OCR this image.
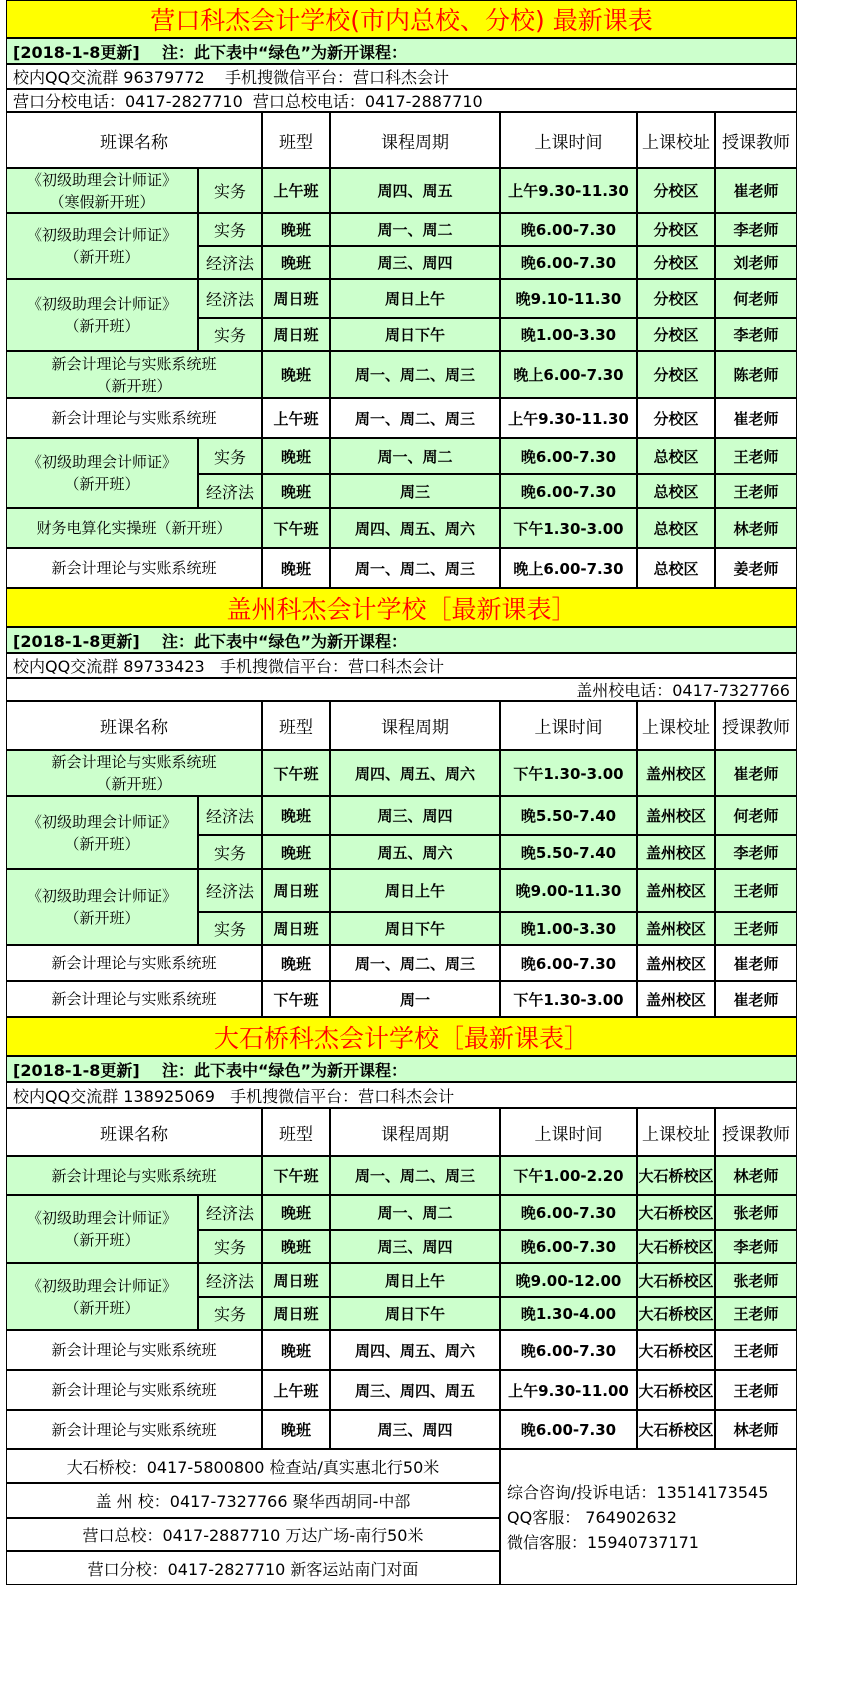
营口科杰会计学校(市内总校、分校) 最新课表
[2018-1-8更新]    注：此下表中“绿色”为新开课程：
校内QQ交流群 96379772    手机搜微信平台：营口科杰会计
营口分校电话：0417-2827710  营口总校电话：0417-2887710
班课名称	班型	课程周期	上课时间	上课校址 授课教师
《初级助理会计师证》
（寒假新开班）
实务	上午班	周四、周五	上午9.30-11.30	分校区	崔老师
《初级助理会计师证》
（新开班）
实务	晚班	周一、周二	晚6.00-7.30	分校区	李老师
经济法	晚班	周三、周四	晚6.00-7.30	分校区	刘老师
《初级助理会计师证》
（新开班）
经济法	周日班	周日上午	晚9.10-11.30	分校区	何老师
实务	周日班	周日下午	晚1.00-3.30	分校区	李老师
新会计理论与实账系统班
（新开班）
晚班	周一、周二、周三	晚上6.00-7.30	分校区	陈老师
新会计理论与实账系统班	上午班	周一、周二、周三	上午9.30-11.30	分校区	崔老师
《初级助理会计师证》
（新开班）
实务	晚班	周一、周二	晚6.00-7.30	总校区	王老师
经济法	晚班	周三	晚6.00-7.30	总校区	王老师
财务电算化实操班（新开班）	下午班	周四、周五、周六	下午1.30-3.00	总校区	林老师
新会计理论与实账系统班	晚班	周一、周二、周三	晚上6.00-7.30	总校区	姜老师
盖州科杰会计学校［最新课表］
[2018-1-8更新]    注：此下表中“绿色”为新开课程：
校内QQ交流群 89733423   手机搜微信平台：营口科杰会计
盖州校电话：0417-7327766
班课名称	班型	课程周期	上课时间	上课校址 授课教师
新会计理论与实账系统班
（新开班）
下午班	周四、周五、周六	下午1.30-3.00	盖州校区	崔老师
《初级助理会计师证》
（新开班）
经济法	晚班	周三、周四	晚5.50-7.40	盖州校区	何老师
实务	晚班	周五、周六	晚5.50-7.40	盖州校区	李老师
《初级助理会计师证》
（新开班）
经济法	周日班	周日上午	晚9.00-11.30	盖州校区	王老师
实务	周日班	周日下午	晚1.00-3.30	盖州校区	王老师
新会计理论与实账系统班	晚班	周一、周二、周三	晚6.00-7.30	盖州校区	崔老师
新会计理论与实账系统班	下午班	周一	下午1.30-3.00	盖州校区	崔老师
大石桥科杰会计学校［最新课表］
[2018-1-8更新]    注：此下表中“绿色”为新开课程：
校内QQ交流群 138925069   手机搜微信平台：营口科杰会计
班课名称	班型	课程周期	上课时间	上课校址 授课教师
新会计理论与实账系统班	下午班	周一、周二、周三	下午1.00-2.20 大石桥校区	林老师
《初级助理会计师证》
（新开班）
经济法	晚班	周一、周二	晚6.00-7.30	大石桥校区	张老师
实务	晚班	周三、周四	晚6.00-7.30	大石桥校区	李老师
《初级助理会计师证》
（新开班）
经济法	周日班	周日上午	晚9.00-12.00	大石桥校区	张老师
实务	周日班	周日下午	晚1.30-4.00	大石桥校区	王老师
新会计理论与实账系统班	晚班	周四、周五、周六	晚6.00-7.30	大石桥校区	王老师
新会计理论与实账系统班	上午班	周三、周四、周五	上午9.30-11.00 大石桥校区	王老师
新会计理论与实账系统班	晚班	周三、周四	晚6.00-7.30	大石桥校区	林老师
大石桥校：0417-5800800 检查站/真实惠北行50米
盖 州 校：0417-7327766 聚华西胡同-中部
营口总校：0417-2887710 万达广场-南行50米
营口分校：0417-2827710 新客运站南门对面
综合咨询/投诉电话：13514173545
QQ客服： 764902632
微信客服：15940737171
